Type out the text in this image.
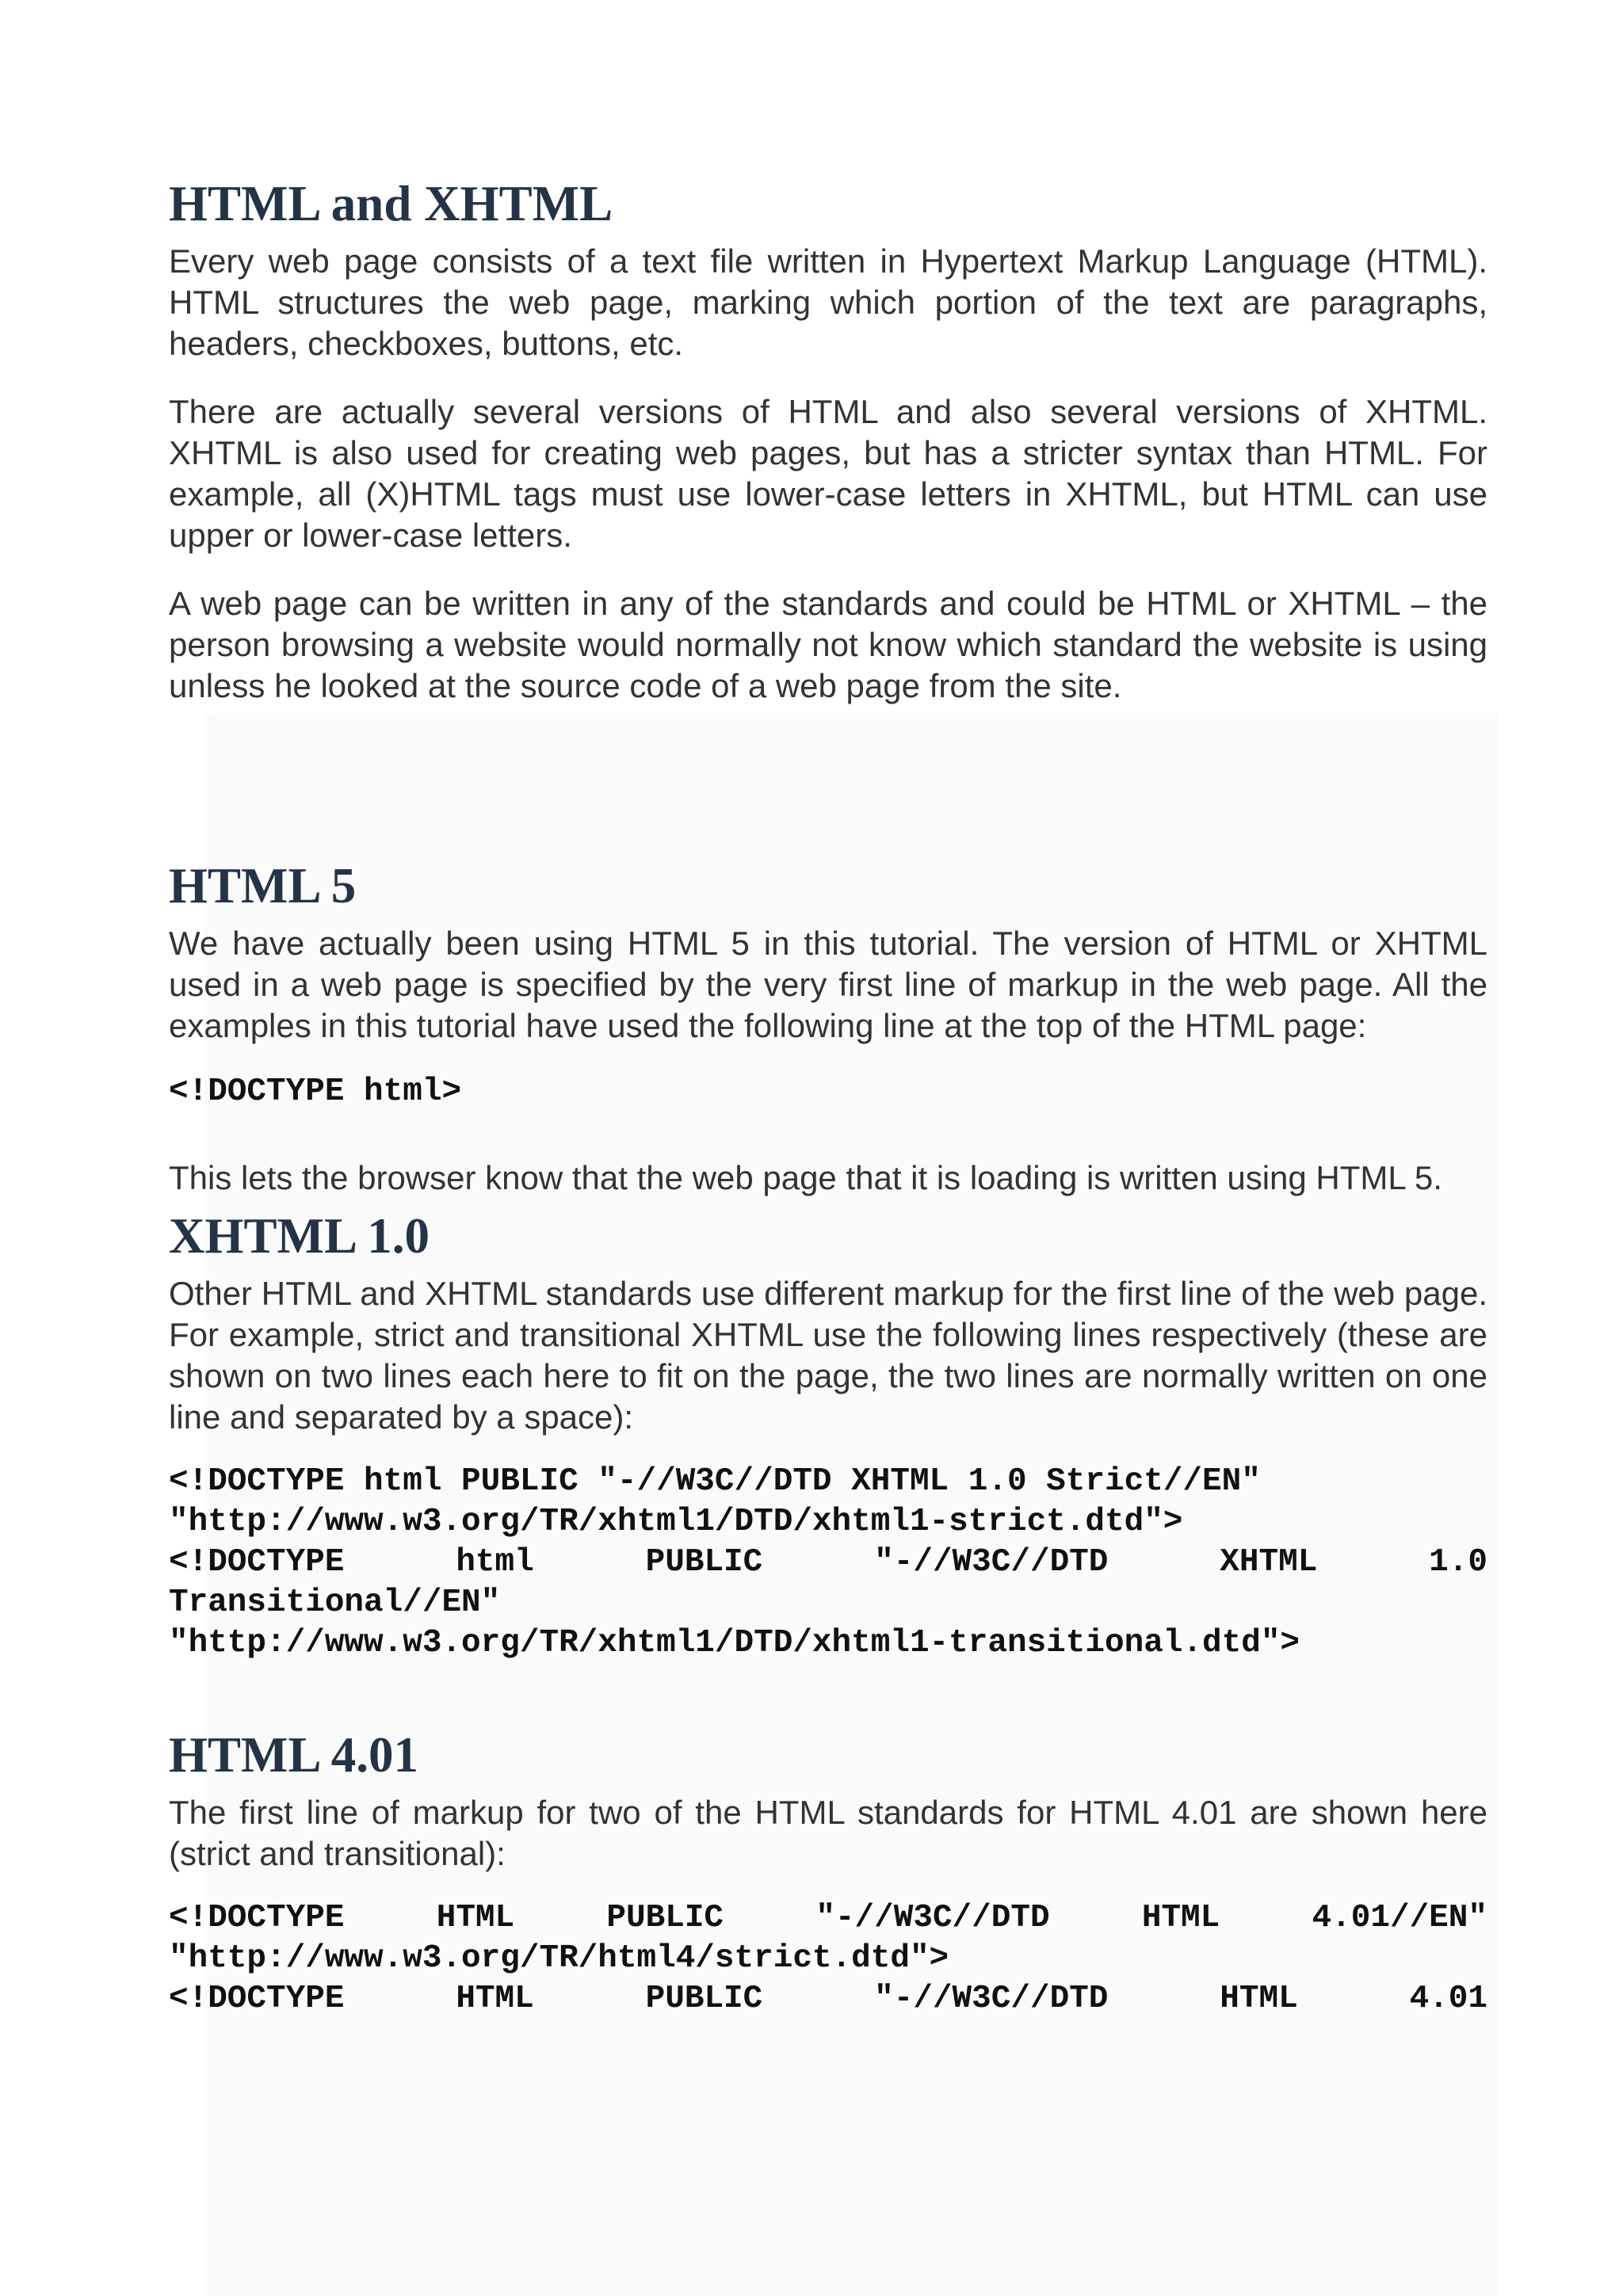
HTML and XHTML

Every web page consists of a text file written in Hypertext Markup Language (HTML). HTML structures the web page, marking which portion of the text are paragraphs, headers, checkboxes, buttons, etc.

There are actually several versions of HTML and also several versions of XHTML. XHTML is also used for creating web pages, but has a stricter syntax than HTML. For example, all (X)HTML tags must use lower-case letters in XHTML, but HTML can use upper or lower-case letters.

A web page can be written in any of the standards and could be HTML or XHTML – the person browsing a website would normally not know which standard the website is using unless he looked at the source code of a web page from the site.

HTML 5

We have actually been using HTML 5 in this tutorial. The version of HTML or XHTML used in a web page is specified by the very first line of markup in the web page. All the examples in this tutorial have used the following line at the top of the HTML page:

<!DOCTYPE html>

This lets the browser know that the web page that it is loading is written using HTML 5.

XHTML 1.0

Other HTML and XHTML standards use different markup for the first line of the web page. For example, strict and transitional XHTML use the following lines respectively (these are shown on two lines each here to fit on the page, the two lines are normally written on one line and separated by a space):

<!DOCTYPE html PUBLIC "-//W3C//DTD XHTML 1.0 Strict//EN"
"http://www.w3.org/TR/xhtml1/DTD/xhtml1-strict.dtd">
<!DOCTYPE html PUBLIC "-//W3C//DTD XHTML 1.0
Transitional//EN"
"http://www.w3.org/TR/xhtml1/DTD/xhtml1-transitional.dtd">
HTML 4.01

The first line of markup for two of the HTML standards for HTML 4.01 are shown here (strict and transitional):

<!DOCTYPE HTML PUBLIC "-//W3C//DTD HTML 4.01//EN"
"http://www.w3.org/TR/html4/strict.dtd">
<!DOCTYPE HTML PUBLIC "-//W3C//DTD HTML 4.01
